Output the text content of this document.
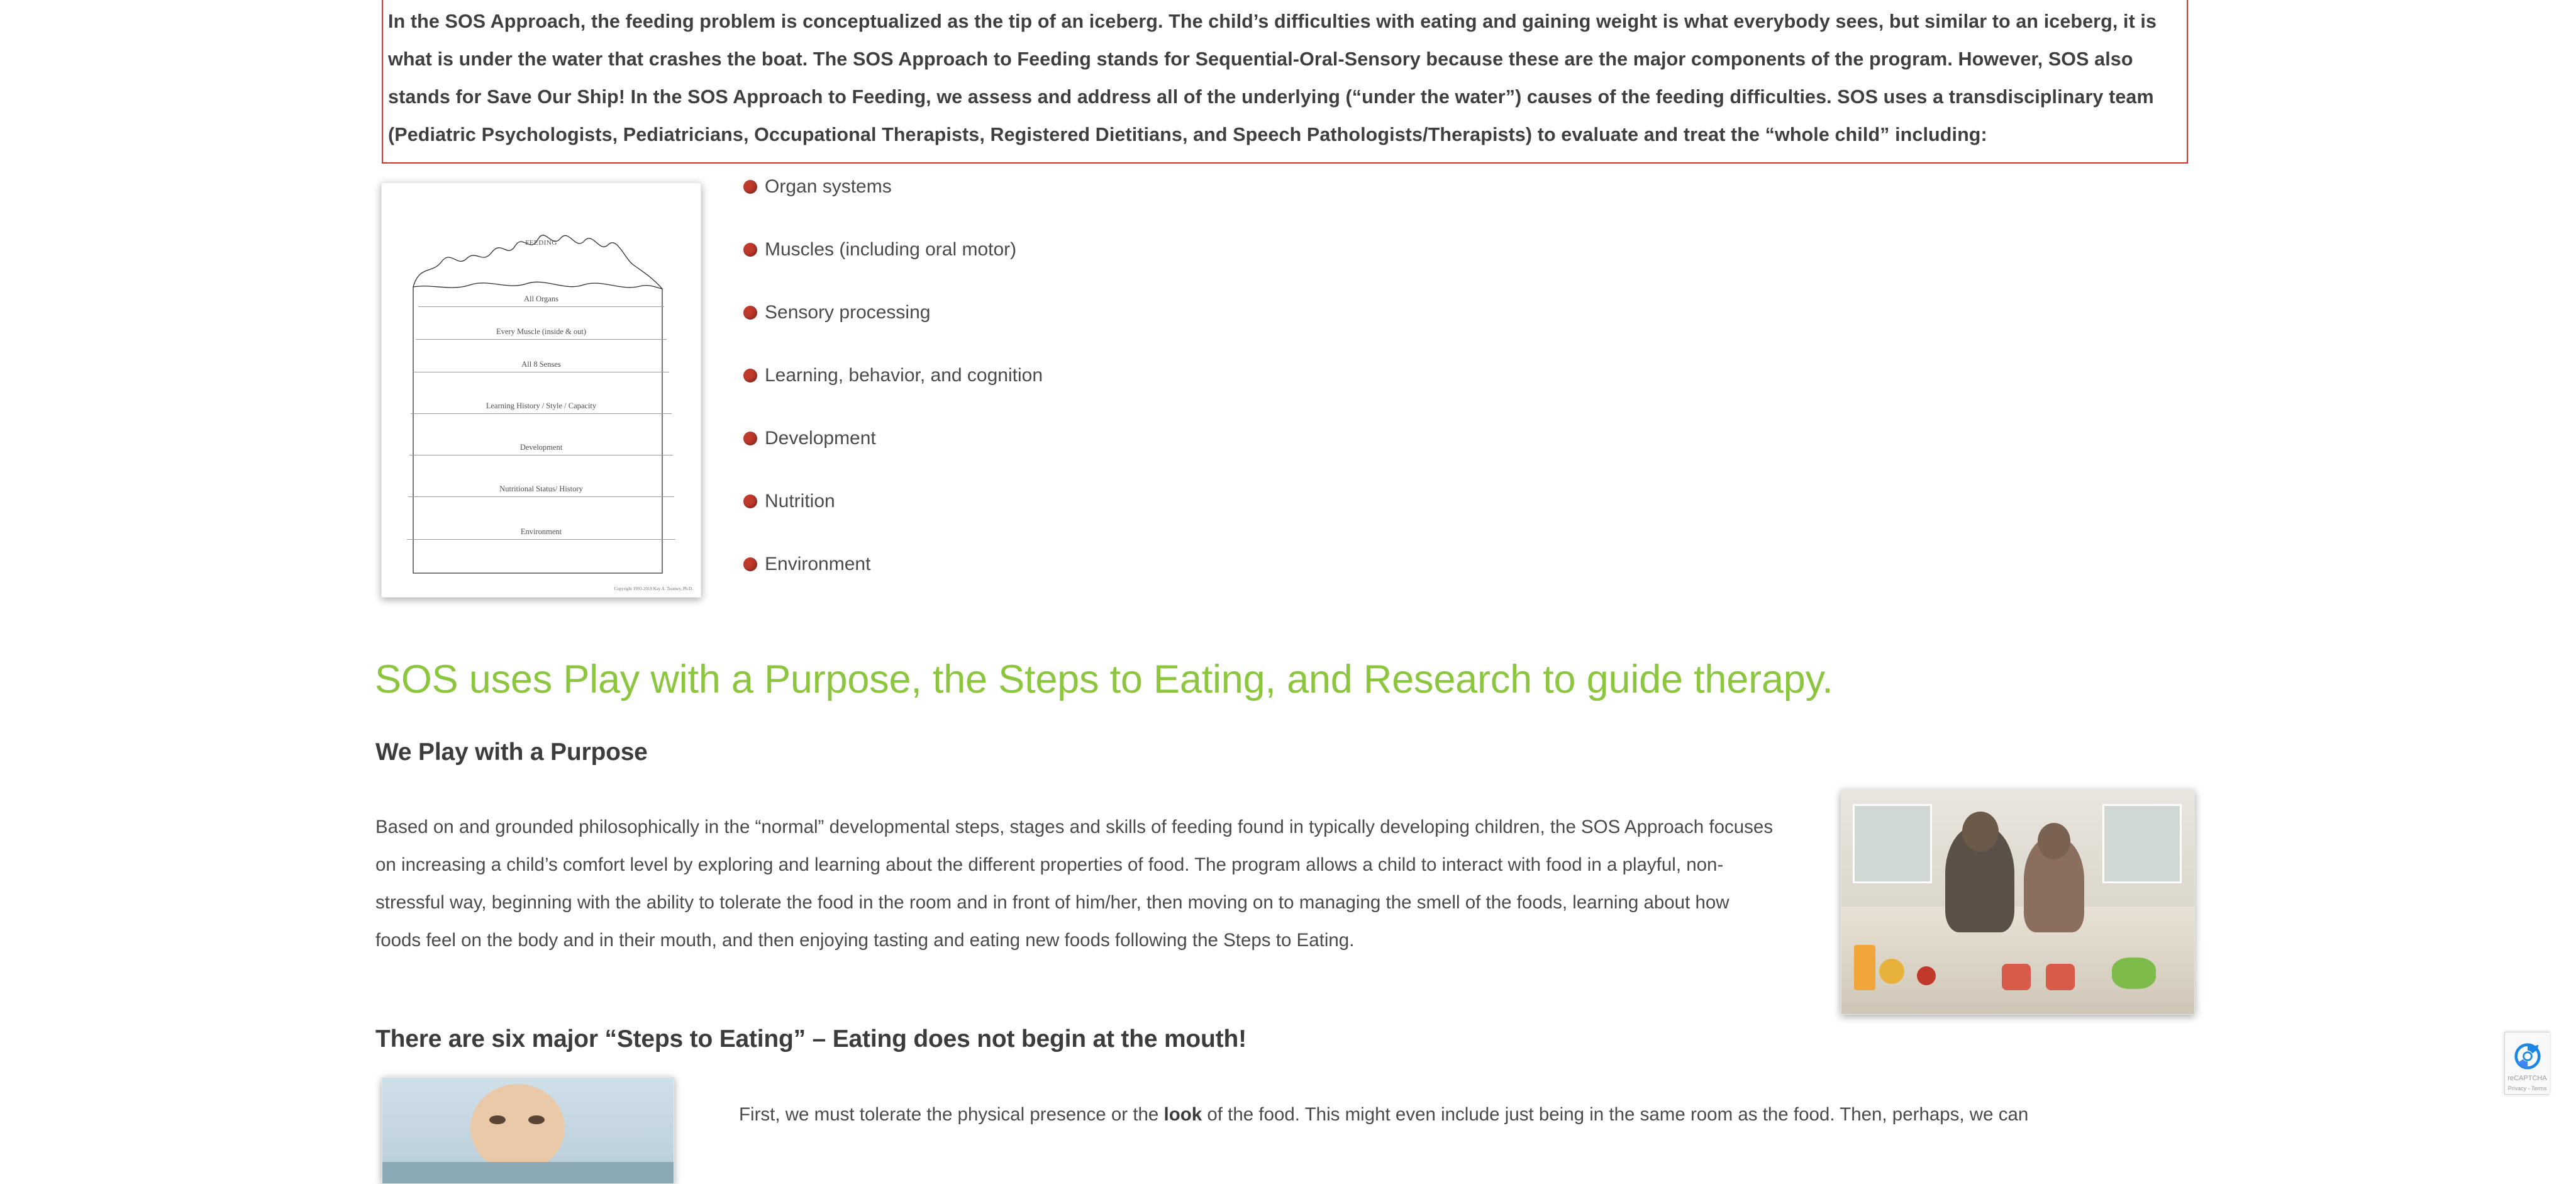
In the SOS Approach, the feeding problem is conceptualized as the tip of an iceberg. The child’s difficulties with eating and gaining weight is what everybody sees, but similar to an iceberg, it is what is under the water that crashes the boat. The SOS Approach to Feeding stands for Sequential-Oral-Sensory because these are the major components of the program. However, SOS also stands for Save Our Ship! In the SOS Approach to Feeding, we assess and address all of the underlying (“under the water”) causes of the feeding difficulties. SOS uses a transdisciplinary team (Pediatric Psychologists, Pediatricians, Occupational Therapists, Registered Dietitians, and Speech Pathologists/Therapists) to evaluate and treat the “whole child” including:

FEEDING
All Organs
Every Muscle (inside & out)
All 8 Senses
Learning History / Style / Capacity
Development
Nutritional Status/ History
Environment
Copyright 1993-2018 Kay A. Toomey, Ph.D.
Organ systems
Muscles (including oral motor)
Sensory processing
Learning, behavior, and cognition
Development
Nutrition
Environment
SOS uses Play with a Purpose, the Steps to Eating, and Research to guide therapy.
We Play with a Purpose

Based on and grounded philosophically in the “normal” developmental steps, stages and skills of feeding found in typically developing children, the SOS Approach focuses on increasing a child’s comfort level by exploring and learning about the different properties of food. The program allows a child to interact with food in a playful, non-stressful way, beginning with the ability to tolerate the food in the room and in front of him/her, then moving on to managing the smell of the foods, learning about how foods feel on the body and in their mouth, and then enjoying tasting and eating new foods following the Steps to Eating.

There are six major “Steps to Eating” – Eating does not begin at the mouth!

First, we must tolerate the physical presence or the look of the food. This might even include just being in the same room as the food. Then, perhaps, we can

reCAPTCHA
Privacy - Terms
